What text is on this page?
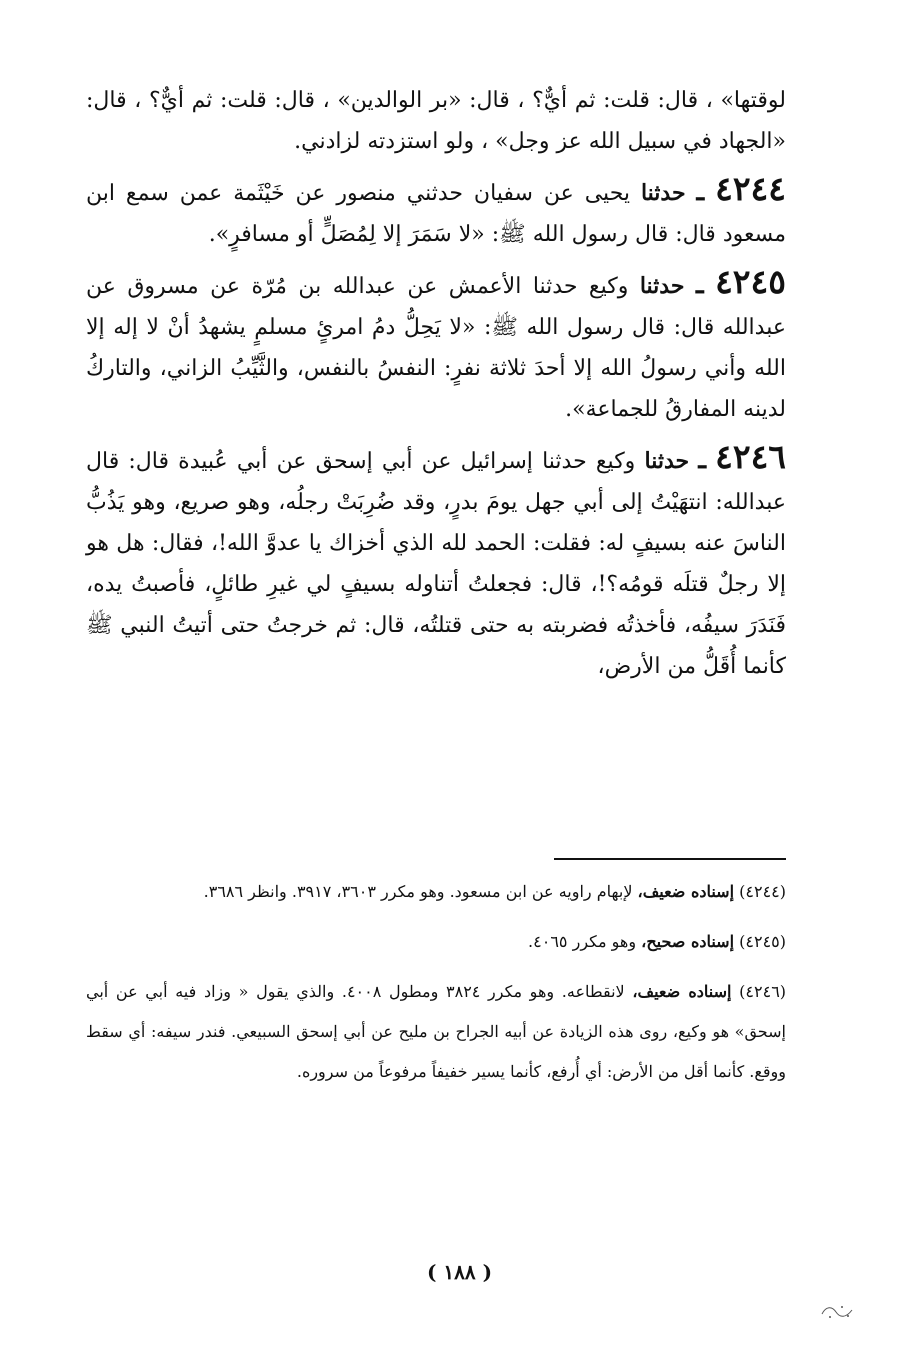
لوقتها» ، قال: قلت: ثم أيٌّ؟ ، قال: «بر الوالدين» ، قال: قلت: ثم أيٌّ؟ ، قال: «الجهاد في سبيل الله عز وجل» ، ولو استزدته لزادني.

٤٢٤٤ ـ حدثنا يحيى عن سفيان حدثني منصور عن خَيْثَمة عمن سمع ابن مسعود قال: قال رسول الله ﷺ: «لا سَمَرَ إلا لِمُصَلٍّ أو مسافرٍ».

٤٢٤٥ ـ حدثنا وكيع حدثنا الأعمش عن عبدالله بن مُرّة عن مسروق عن عبدالله قال: قال رسول الله ﷺ: «لا يَحِلُّ دمُ امرئٍ مسلمٍ يشهدُ أنْ لا إله إلا الله وأني رسولُ الله إلا أحدَ ثلاثة نفرٍ: النفسُ بالنفس، والثَّيِّبُ الزاني، والتاركُ لدينه المفارقُ للجماعة».

٤٢٤٦ ـ حدثنا وكيع حدثنا إسرائيل عن أبي إسحق عن أبي عُبيدة قال: قال عبدالله: انتهَيْتُ إلى أبي جهل يومَ بدرٍ، وقد ضُرِبَتْ رجلُه، وهو صريع، وهو يَذُبُّ الناسَ عنه بسيفٍ له: فقلت: الحمد لله الذي أخزاك يا عدوَّ الله!، فقال: هل هو إلا رجلٌ قتلَه قومُه؟!، قال: فجعلتُ أتناوله بسيفٍ لي غيرِ طائلٍ، فأصبتُ يده، فَنَدَرَ سيفُه، فأخذتُه فضربته به حتى قتلتُه، قال: ثم خرجتُ حتى أتيتُ النبي ﷺ كأنما أُقَلُّ من الأرض،

(٤٢٤٤) إسناده ضعيف، لإبهام راويه عن ابن مسعود. وهو مكرر ٣٦٠٣، ٣٩١٧. وانظر ٣٦٨٦.

(٤٢٤٥) إسناده صحيح، وهو مكرر ٤٠٦٥.

(٤٢٤٦) إسناده ضعيف، لانقطاعه. وهو مكرر ٣٨٢٤ ومطول ٤٠٠٨. والذي يقول « وزاد فيه أبي عن أبي إسحق» هو وكيع، روى هذه الزيادة عن أبيه الجراح بن مليح عن أبي إسحق السبيعي. فندر سيفه: أي سقط ووقع. كأنما أقل من الأرض: أي أُرفع، كأنما يسير خفيفاً مرفوعاً من سروره.

( ١٨٨ )
